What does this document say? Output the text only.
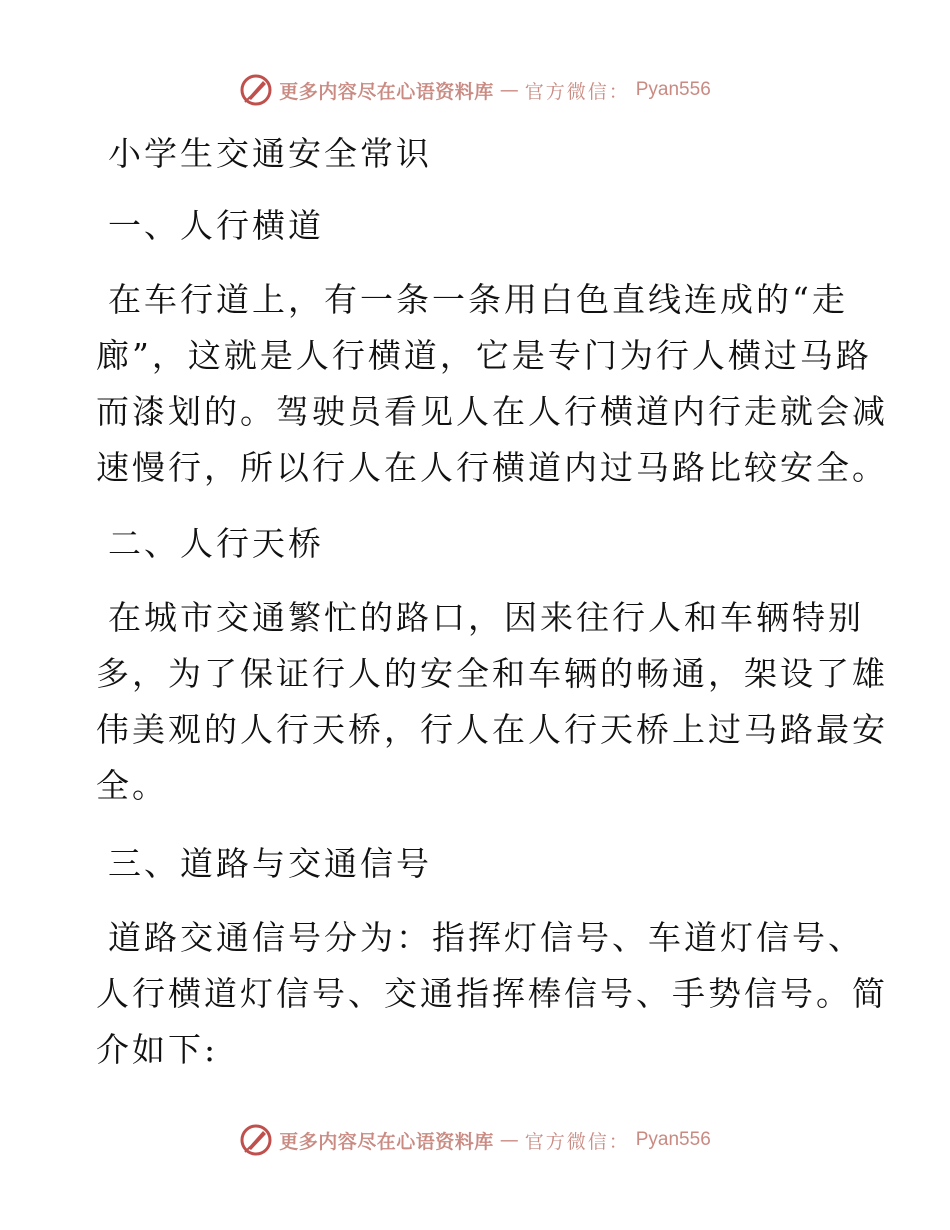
更多内容尽在心语资料库 — 官方微信： Pyan556
小学生交通安全常识
一、人行横道
在车行道上，有一条一条用白色直线连成的“走
廊”，这就是人行横道，它是专门为行人横过马路
而漆划的。驾驶员看见人在人行横道内行走就会减
速慢行，所以行人在人行横道内过马路比较安全。
二、人行天桥
在城市交通繁忙的路口，因来往行人和车辆特别
多，为了保证行人的安全和车辆的畅通，架设了雄
伟美观的人行天桥，行人在人行天桥上过马路最安
全。
三、道路与交通信号
道路交通信号分为：指挥灯信号、车道灯信号、
人行横道灯信号、交通指挥棒信号、手势信号。简
介如下:
更多内容尽在心语资料库 — 官方微信： Pyan556
